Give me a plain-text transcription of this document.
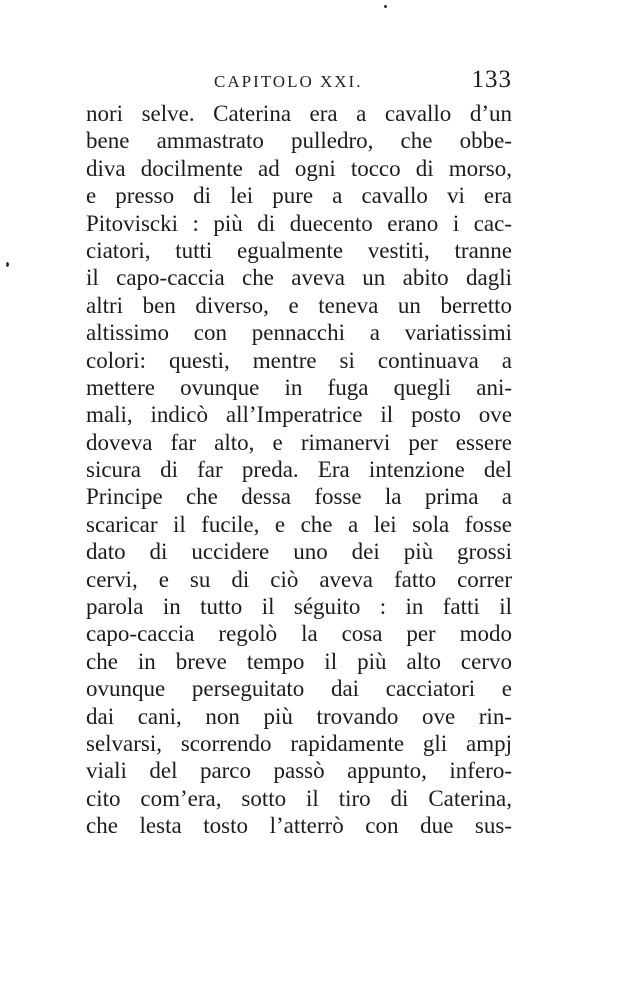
CAPITOLO XXI.	133
nori selve. Caterina era a cavallo d’un
bene ammastrato pulledro, che obbe-
diva docilmente ad ogni tocco di morso,
e presso di lei pure a cavallo vi era
Pitoviscki : più di duecento erano i cac-
ciatori, tutti egualmente vestiti, tranne
il capo-caccia che aveva un abito dagli
altri ben diverso, e teneva un berretto
altissimo con pennacchi a variatissimi
colori: questi, mentre si continuava a
mettere ovunque in fuga quegli ani-
mali, indicò all’Imperatrice il posto ove
doveva far alto, e rimanervi per essere
sicura di far preda. Era intenzione del
Principe che dessa fosse la prima a
scaricar il fucile, e che a lei sola fosse
dato di uccidere uno dei più grossi
cervi, e su di ciò aveva fatto correr
parola in tutto il séguito : in fatti il
capo-caccia regolò la cosa per modo
che in breve tempo il più alto cervo
ovunque perseguitato dai cacciatori e
dai cani, non più trovando ove rin-
selvarsi, scorrendo rapidamente gli ampj
viali del parco passò appunto, infero-
cito com’era, sotto il tiro di Caterina,
che lesta tosto l’atterrò con due sus-
